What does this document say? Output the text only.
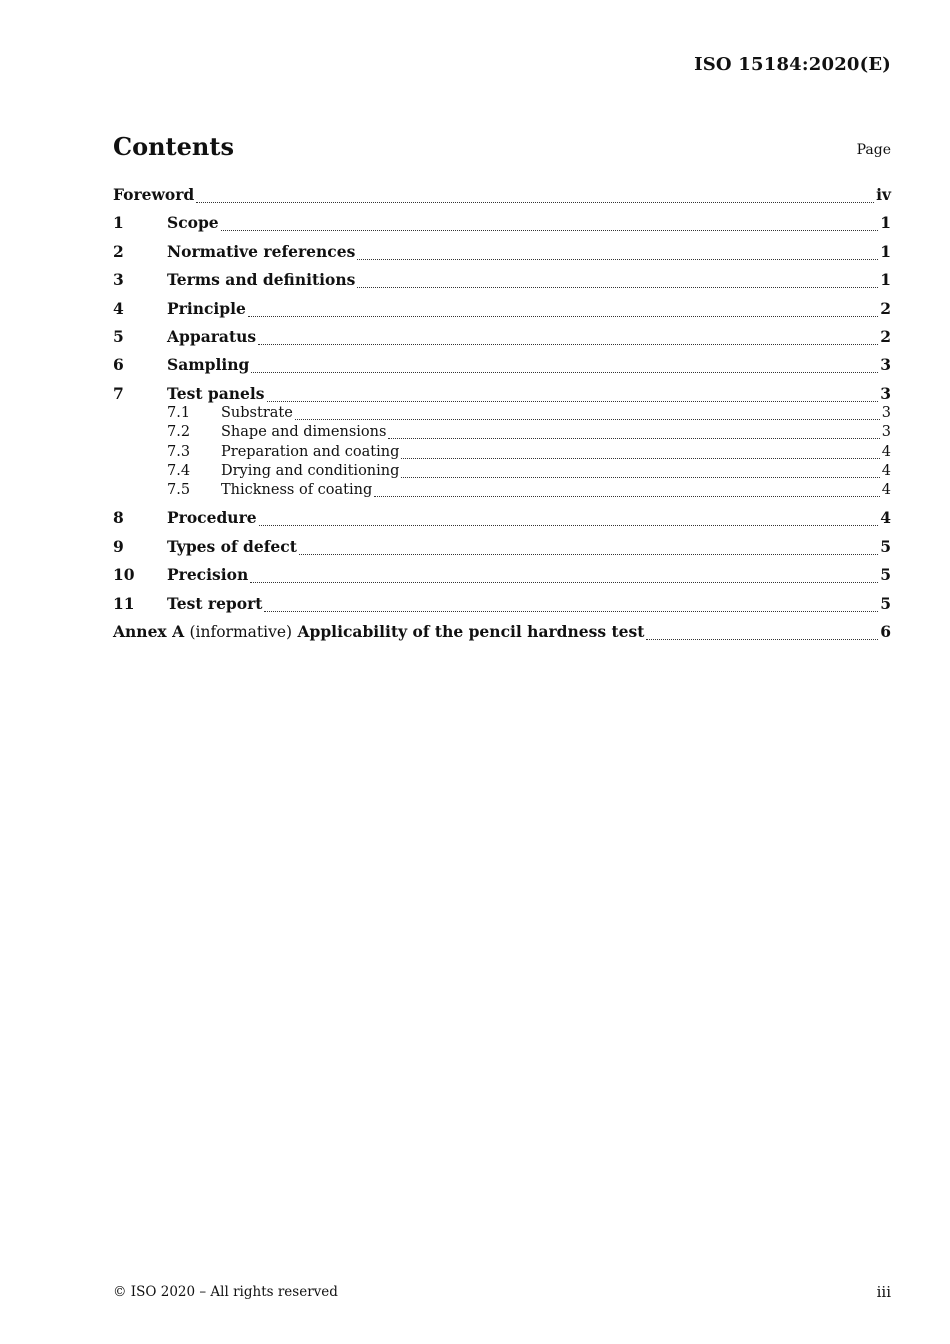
ISO 15184:2020(E)
Contents	Page
Foreword	iv
1	Scope	1
2	Normative references	1
3	Terms and definitions	1
4	Principle	2
5	Apparatus	2
6	Sampling	3
7	Test panels	3
7.1	Substrate	3
7.2	Shape and dimensions	3
7.3	Preparation and coating	4
7.4	Drying and conditioning	4
7.5	Thickness of coating	4
8	Procedure	4
9	Types of defect	5
10	Precision	5
11	Test report	5
Annex A (informative) Applicability of the pencil hardness test	6
© ISO 2020 – All rights reserved	iii
